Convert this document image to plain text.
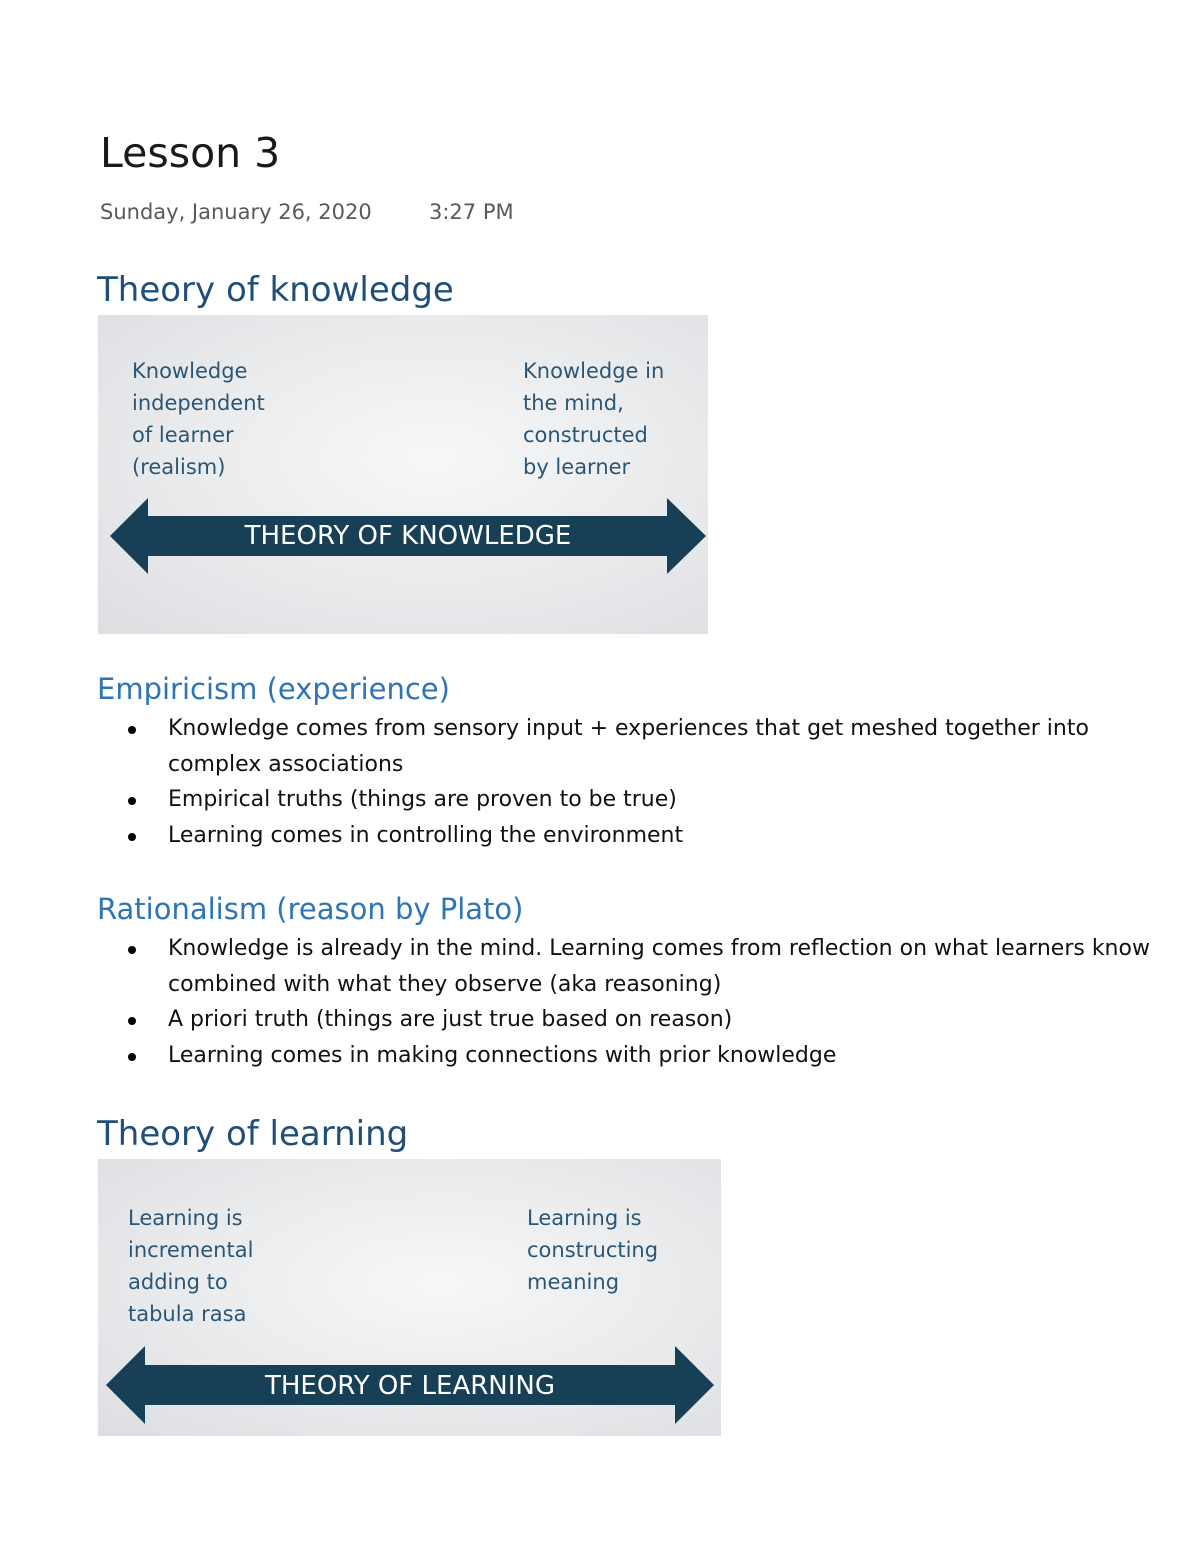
Lesson 3
Sunday, January 26, 2020	3:27 PM
Theory of knowledge
Knowledge
independent
of learner
(realism)
Knowledge in
the mind,
constructed
by learner
THEORY OF KNOWLEDGE
Empiricism (experience)
Knowledge comes from sensory input + experiences that get meshed together into
complex associations
Empirical truths (things are proven to be true)
Learning comes in controlling the environment
Rationalism (reason by Plato)
Knowledge is already in the mind. Learning comes from reflection on what learners know
combined with what they observe (aka reasoning)
A priori truth (things are just true based on reason)
Learning comes in making connections with prior knowledge
Theory of learning
Learning is
incremental
adding to
tabula rasa
Learning is
constructing
meaning
THEORY OF LEARNING
